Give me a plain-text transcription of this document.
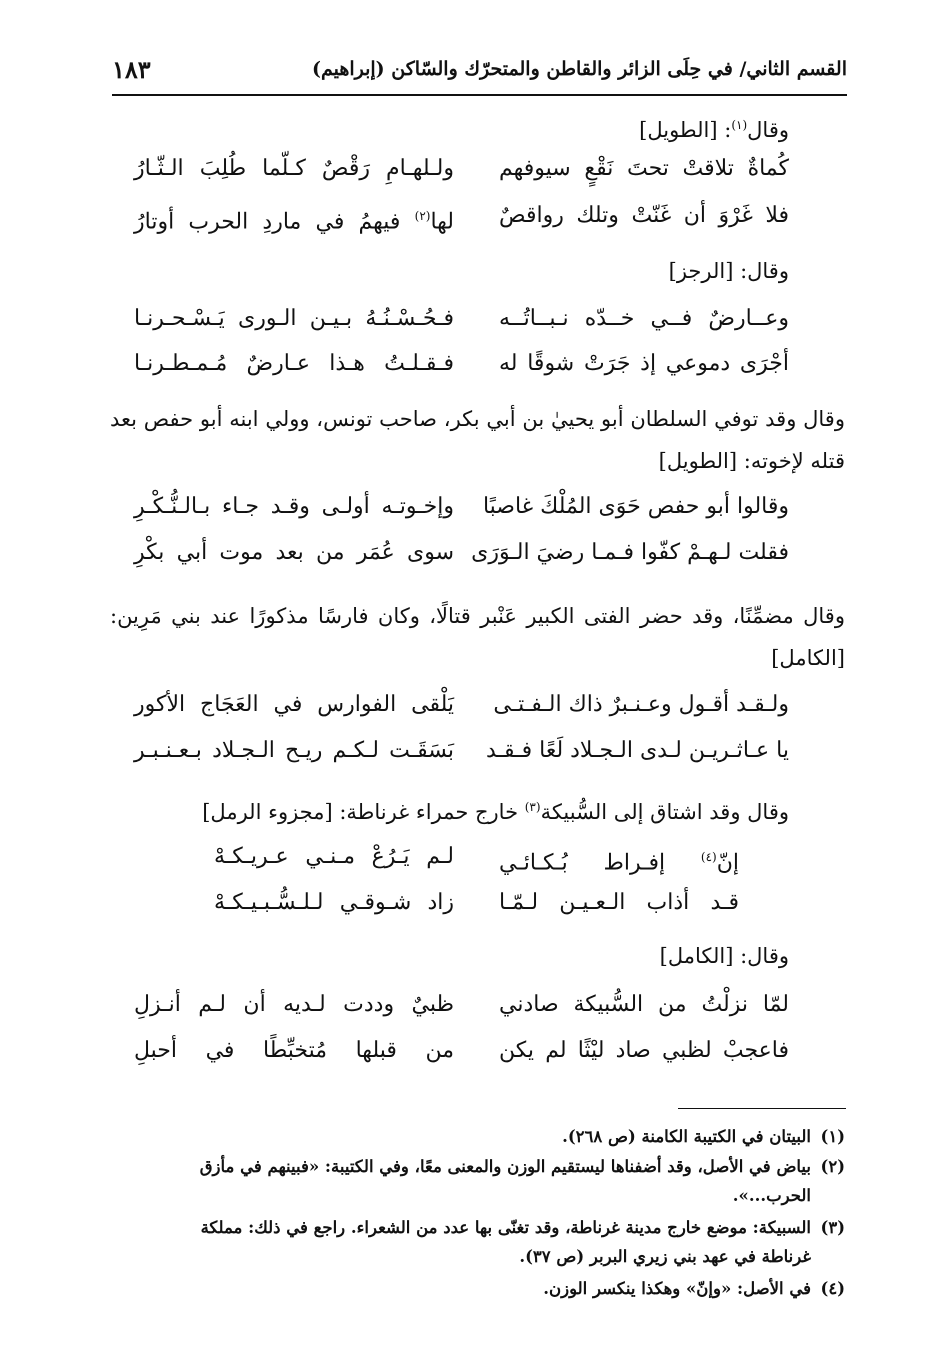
القسم الثاني/ في حِلَى الزائر والقاطن والمتحرّك والسّاكن (إبراهيم)
١٨٣
وقال$^{(١)}$: [الطويل]
كُماةٌ تلاقتْ تحتَ نَقْعٍ سيوفهم
ولـلهـامِ رَقْصٌ كـلّما طُلِبَ الـثّـارُ
فلا غَرْوَ أن غَنّتْ وتلك رواقصٌ
لها$^{(٢)}$ فيهمُ في ماردِ الحرب أوتارُ
وقال: [الرجز]
وعــارضٌ فــي خــدّه نـبــاتُــه
فـحُـسْـنُـهُ بـيـن الـورى يَـسْـحـرنـا
أجْرَى دموعي إذ جَرَتْ شوقًا له
فـقـلـتُ هـذا عـارضٌ مُـمـطـرنـا
وقال وقد توفي السلطان أبو يحييٰ بن أبي بكر، صاحب تونس، وولي ابنه أبو حفص بعد قتله لإخوته: [الطويل]
وقالوا أبو حفص حَوَى المُلْكَ غاصبًا
وإخـوتـه أولـى وقـد جـاء بـالـنُّـكْـرِ
فقلت لـهـمْ كفّوا فـمـا رضيَ الـوَرَى
سوى عُمَر من بعد موت أبي بكْرِ
وقال مضمِّنًا، وقد حضر الفتى الكبير عَنْبر قتالًا، وكان فارسًا مذكورًا عند بني مَرِين: [الكامل]
ولـقـد أقـول وعـنـبرٌ ذاك الـفـتـى
يَلْقى الفوارس في العَجَاج الأكور
يا عـاثـريـن لـدى الـجـلاد لَعًا فـقـد
بَسَقَـت لـكـم ريـح الـجـلاد بـعـنـبـر
وقال وقد اشتاق إلى السُّبيكة$^{(٣)}$ خارج حمراء غرناطة: [مجزوء الرمل]
إنّ$^{(٤)}$ إفـراط بُـكـائـي
لـم يَـرُعْ مـنـي عـريـكـهْ
قـد أذاب الـعـيـن لـمّـا
زاد شـوقـي لـلـسُّـبـيـكـهْ
وقال: [الكامل]
لمّا نزلْتُ من السُّبيكة صادني
ظبيٌ وددت لـديه أن لـم أنـزلِ
فاعجبْ لظبي صاد ليْثًا لم يكن
من قبلها مُتخبِّطًا في أحبلِ
(١)البيتان في الكتيبة الكامنة (ص ٢٦٨).
(٢)بياض في الأصل، وقد أضفناها ليستقيم الوزن والمعنى معًا، وفي الكتيبة: «فبينهم في مأزق
الحرب...».
(٣)السبيكة: موضع خارج مدينة غرناطة، وقد تغنّى بها عدد من الشعراء. راجع في ذلك: مملكة
غرناطة في عهد بني زيري البربر (ص ٣٧).
(٤)في الأصل: «وإنّ» وهكذا ينكسر الوزن.
